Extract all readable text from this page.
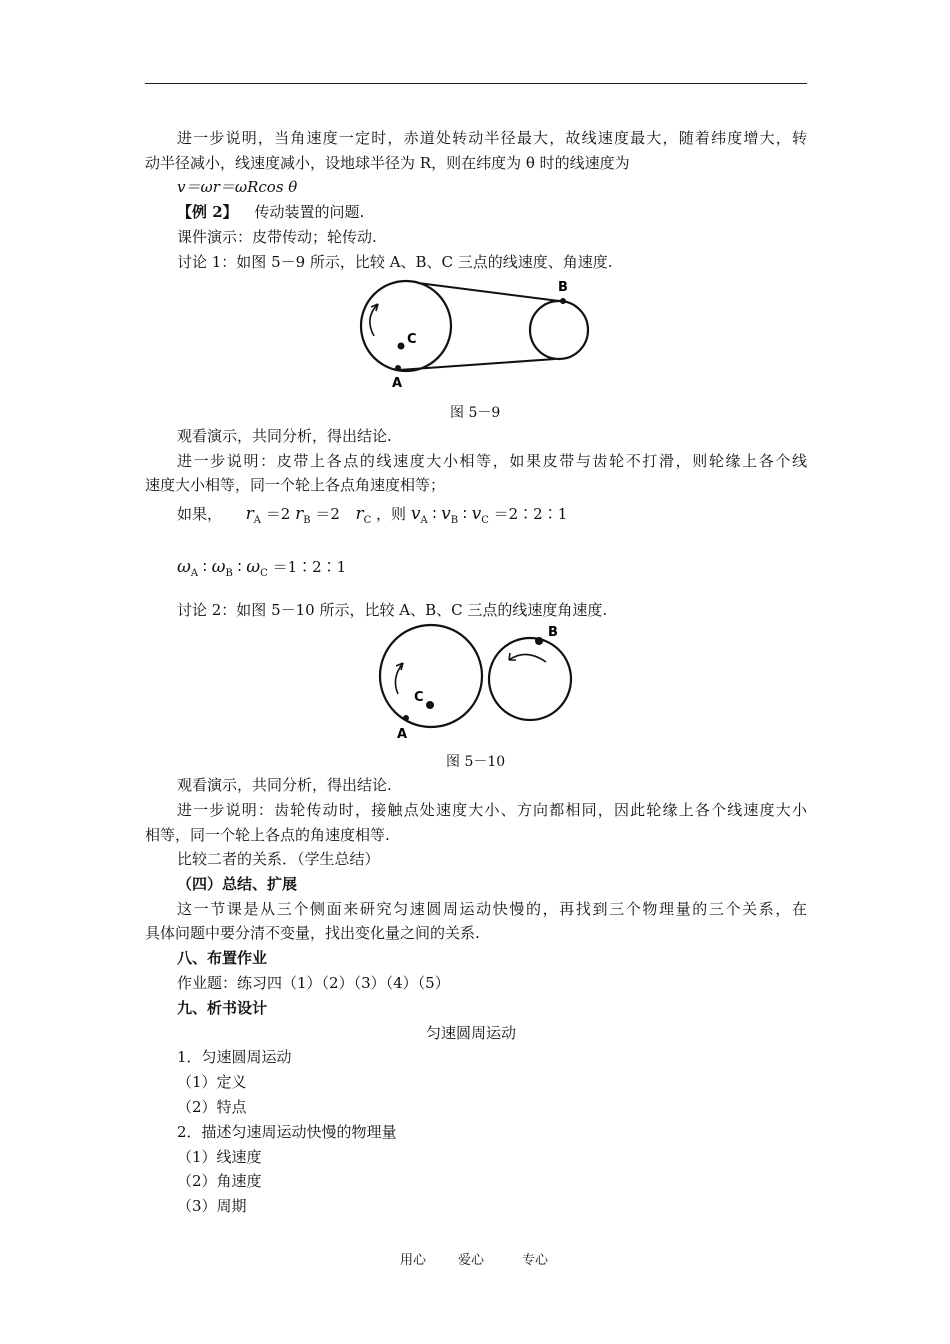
进一步说明，当角速度一定时，赤道处转动半径最大，故线速度最大，随着纬度增大，转
动半径减小，线速度减小，设地球半径为 R，则在纬度为 θ 时的线速度为
v＝ωr＝ωRcos θ
【例 2】 传动装置的问题.
课件演示：皮带传动；轮传动.
讨论 1：如图 5－9 所示，比较 A、B、C 三点的线速度、角速度.
C
A
B
图 5－9
观看演示，共同分析，得出结论.
进一步说明：皮带上各点的线速度大小相等，如果皮带与齿轮不打滑，则轮缘上各个线
速度大小相等，同一个轮上各点角速度相等；
如果， $r_A =2$ $r_B =2$ $r_C$ ，则 $v_A$ ∶ $v_B$ ∶ $v_C$ ＝2∶2∶1
$\omega_A$ ∶ $\omega_B$ ∶ $\omega_C$ ＝1∶2∶1
讨论 2：如图 5－10 所示，比较 A、B、C 三点的线速度角速度.
C
A
B
图 5－10
观看演示，共同分析，得出结论.
进一步说明：齿轮传动时，接触点处速度大小、方向都相同，因此轮缘上各个线速度大小
相等，同一个轮上各点的角速度相等.
比较二者的关系．（学生总结）
（四）总结、扩展
这一节课是从三个侧面来研究匀速圆周运动快慢的，再找到三个物理量的三个关系，在
具体问题中要分清不变量，找出变化量之间的关系.
八、布置作业
作业题：练习四（1）（2）（3）（4）（5）
九、析书设计
匀速圆周运动
1．匀速圆周运动
（1）定义
（2）特点
2．描述匀速周运动快慢的物理量
（1）线速度
（2）角速度
（3）周期
用心 爱心	专心
